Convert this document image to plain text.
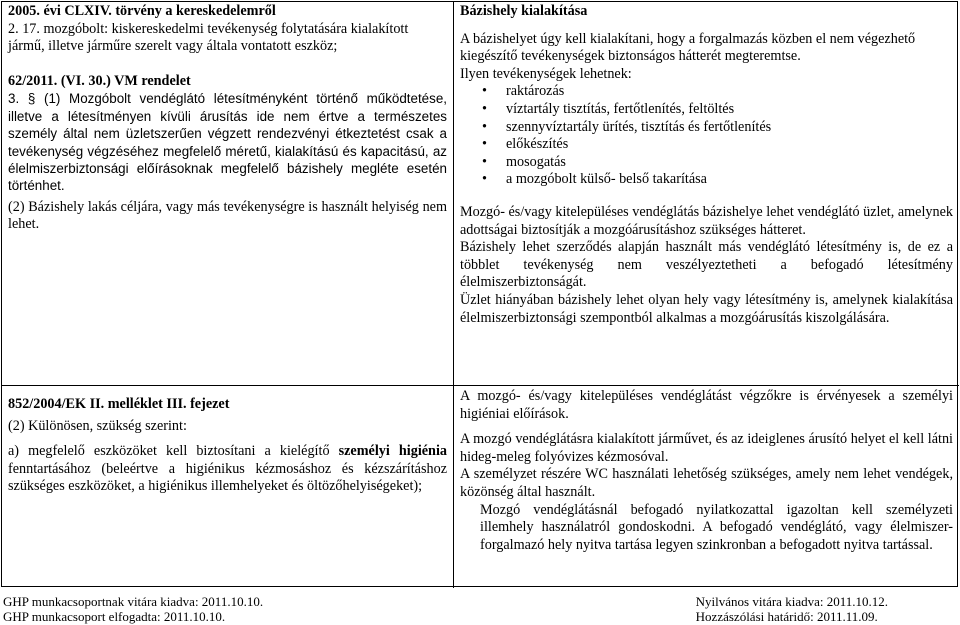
2005. évi CLXIV. törvény a kereskedelemről

2. 17. mozgóbolt: kiskereskedelmi tevékenység folytatására kialakított jármű, illetve járműre szerelt vagy általa vontatott eszköz;

62/2011. (VI. 30.) VM rendelet

3. § (1) Mozgóbolt vendéglátó létesítményként történő működtetése, illetve a létesítményen kívüli árusítás ide nem értve a természetes személy által nem üzletszerűen végzett rendezvényi étkeztetést csak a tevékenység végzéséhez megfelelő méretű, kialakítású és kapacitású, az élelmiszerbiztonsági előírásoknak megfelelő bázishely megléte esetén történhet.

(2) Bázishely lakás céljára, vagy más tevékenységre is használt helyiség nem lehet.

Bázishely kialakítása

A bázishelyet úgy kell kialakítani, hogy a forgalmazás közben el nem végezhető kiegészítő tevékenységek biztonságos hátterét megteremtse.

Ilyen tevékenységek lehetnek:

• raktározás
• víztartály tisztítás, fertőtlenítés, feltöltés
• szennyvíztartály ürítés, tisztítás és fertőtlenítés
• előkészítés
• mosogatás
• a mozgóbolt külső- belső takarítása

Mozgó- és/vagy kitelepüléses vendéglátás bázishelye lehet vendéglátó üzlet, amelynek adottságai biztosítják a mozgóárusításhoz szükséges hátteret.

Bázishely lehet szerződés alapján használt más vendéglátó létesítmény is, de ez a többlet tevékenység nem veszélyeztetheti a befogadó létesítmény élelmiszerbiztonságát.

Üzlet hiányában bázishely lehet olyan hely vagy létesítmény is, amelynek kialakítása élelmiszerbiztonsági szempontból alkalmas a mozgóárusítás kiszolgálására.

852/2004/EK II. melléklet III. fejezet

(2) Különösen, szükség szerint:

a) megfelelő eszközöket kell biztosítani a kielégítő személyi higiénia fenntartásához (beleértve a higiénikus kézmosáshoz és kézszárításhoz szükséges eszközöket, a higiénikus illemhelyeket és öltözőhelyiségeket);

A mozgó- és/vagy kitelepüléses vendéglátást végzőkre is érvényesek a személyi higiéniai előírások.

A mozgó vendéglátásra kialakított járművet, és az ideiglenes árusító helyet el kell látni hideg-meleg folyóvizes kézmosóval.

A személyzet részére WC használati lehetőség szükséges, amely nem lehet vendégek, közönség által használt.

Mozgó vendéglátásnál befogadó nyilatkozattal igazoltan kell személyzeti illemhely használatról gondoskodni. A befogadó vendéglátó, vagy élelmiszer-forgalmazó hely nyitva tartása legyen szinkronban a befogadott nyitva tartással.

GHP munkacsoportnak vitára kiadva: 2011.10.10.

GHP munkacsoport elfogadta: 2011.10.10.

Nyilvános vitára kiadva: 2011.10.12.

Hozzászólási határidő: 2011.11.09.
